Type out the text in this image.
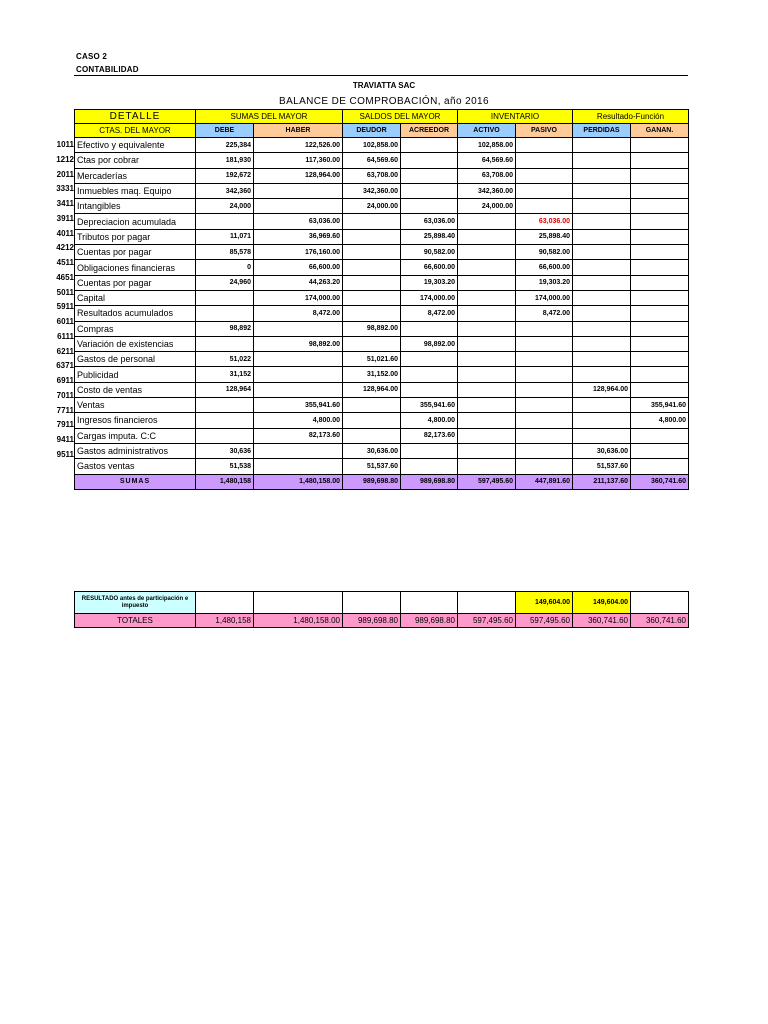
CASO 2
CONTABILIDAD
TRAVIATTA SAC
BALANCE DE COMPROBACIÓN, año 2016
1011
1212
2011
3331
3411
3911
4011
4212
4511
4651
5011
5911
6011
6111
6211
6371
6911
7011
7711
7911
9411
9511
DETALLE	SUMAS DEL MAYOR		SALDOS DEL MAYOR		INVENTARIO		Resultado-Función	
CTAS. DEL MAYOR	DEBE	HABER	DEUDOR	ACREEDOR	ACTIVO	PASIVO	PERDIDAS	GANAN.
Efectivo y equivalente	225,384	122,526.00	102,858.00		102,858.00			
Ctas por cobrar	181,930	117,360.00	64,569.60		64,569.60			
Mercaderías	192,672	128,964.00	63,708.00		63,708.00			
Inmuebles maq. Equipo	342,360		342,360.00		342,360.00			
Intangibles	24,000		24,000.00		24,000.00			
Depreciacion acumulada		63,036.00		63,036.00		63,036.00		
Tributos por pagar	11,071	36,969.60		25,898.40		25,898.40		
Cuentas por pagar	85,578	176,160.00		90,582.00		90,582.00		
Obligaciones financieras	0	66,600.00		66,600.00		66,600.00		
Cuentas por pagar	24,960	44,263.20		19,303.20		19,303.20		
Capital		174,000.00		174,000.00		174,000.00		
Resultados acumulados		8,472.00		8,472.00		8,472.00		
Compras	98,892		98,892.00					
Variación de existencias		98,892.00		98,892.00				
Gastos de personal	51,022		51,021.60					
Publicidad	31,152		31,152.00					
Costo de ventas	128,964		128,964.00				128,964.00	
Ventas		355,941.60		355,941.60				355,941.60
Ingresos financieros		4,800.00		4,800.00				4,800.00
Cargas imputa. C:C		82,173.60		82,173.60				
Gastos administrativos	30,636		30,636.00				30,636.00	
Gastos ventas	51,538		51,537.60				51,537.60	
SUMAS	1,480,158	1,480,158.00	989,698.80	989,698.80	597,495.60	447,891.60	211,137.60	360,741.60
RESULTADO antes de participación e impuesto						149,604.00	149,604.00	
TOTALES	1,480,158	1,480,158.00	989,698.80	989,698.80	597,495.60	597,495.60	360,741.60	360,741.60
